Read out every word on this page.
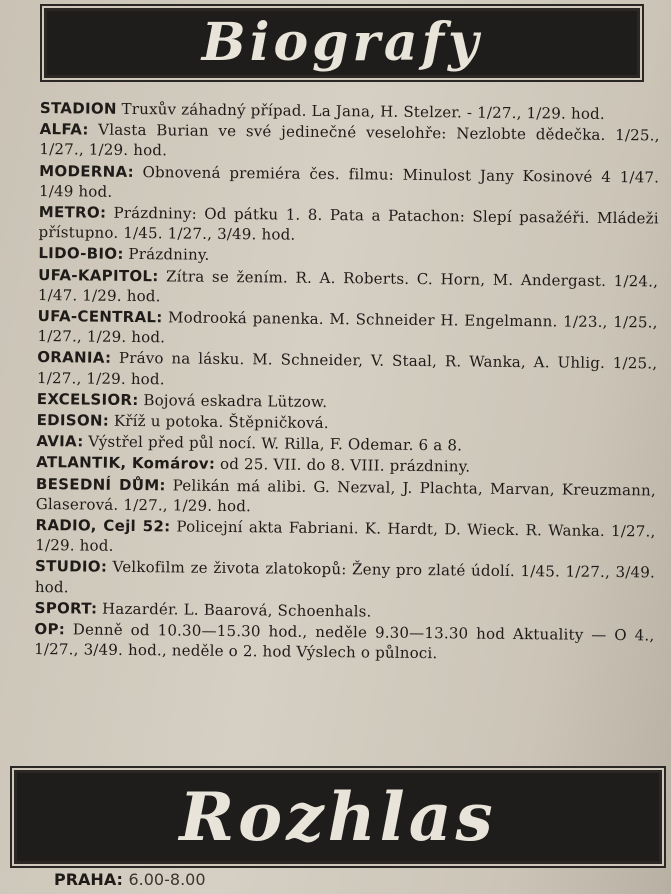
Biografy
STADION Truxův záhadný případ. La Jana, H. Stelzer. - 1/27., 1/29. hod.
ALFA: Vlasta Burian ve své jedinečné veselohře: Nezlobte dědečka. 1/25., 1/27., 1/29. hod.
MODERNA: Obnovená premiéra čes. filmu: Minulost Jany Kosinové 4 1/47. 1/49 hod.
METRO: Prázdniny: Od pátku 1. 8. Pata a Patachon: Slepí pasažéři. Mládeži přístupno. 1/45. 1/27., 3/49. hod.
LIDO-BIO: Prázdniny.
UFA-KAPITOL: Zítra se žením. R. A. Roberts. C. Horn, M. Andergast. 1/24., 1/47. 1/29. hod.
UFA-CENTRAL: Modrooká panenka. M. Schneider H. Engelmann. 1/23., 1/25., 1/27., 1/29. hod.
ORANIA: Právo na lásku. M. Schneider, V. Staal, R. Wanka, A. Uhlig. 1/25., 1/27., 1/29. hod.
EXCELSIOR: Bojová eskadra Lützow.
EDISON: Kříž u potoka. Štěpničková.
AVIA: Výstřel před půl nocí. W. Rilla, F. Odemar. 6 a 8.
ATLANTIK, Komárov: od 25. VII. do 8. VIII. prázdniny.
BESEDNÍ DŮM: Pelikán má alibi. G. Nezval, J. Plachta, Marvan, Kreuzmann, Glaserová. 1/27., 1/29. hod.
RADIO, Cejl 52: Policejní akta Fabriani. K. Hardt, D. Wieck. R. Wanka. 1/27., 1/29. hod.
STUDIO: Velkofilm ze života zlatokopů: Ženy pro zlaté údolí. 1/45. 1/27., 3/49. hod.
SPORT: Hazardér. L. Baarová, Schoenhals.
OP: Denně od 10.30—15.30 hod., neděle 9.30—13.30 hod Aktuality — O 4., 1/27., 3/49. hod., neděle o 2. hod Výslech o půlnoci.
Rozhlas
PRAHA: 6.00-8.00
